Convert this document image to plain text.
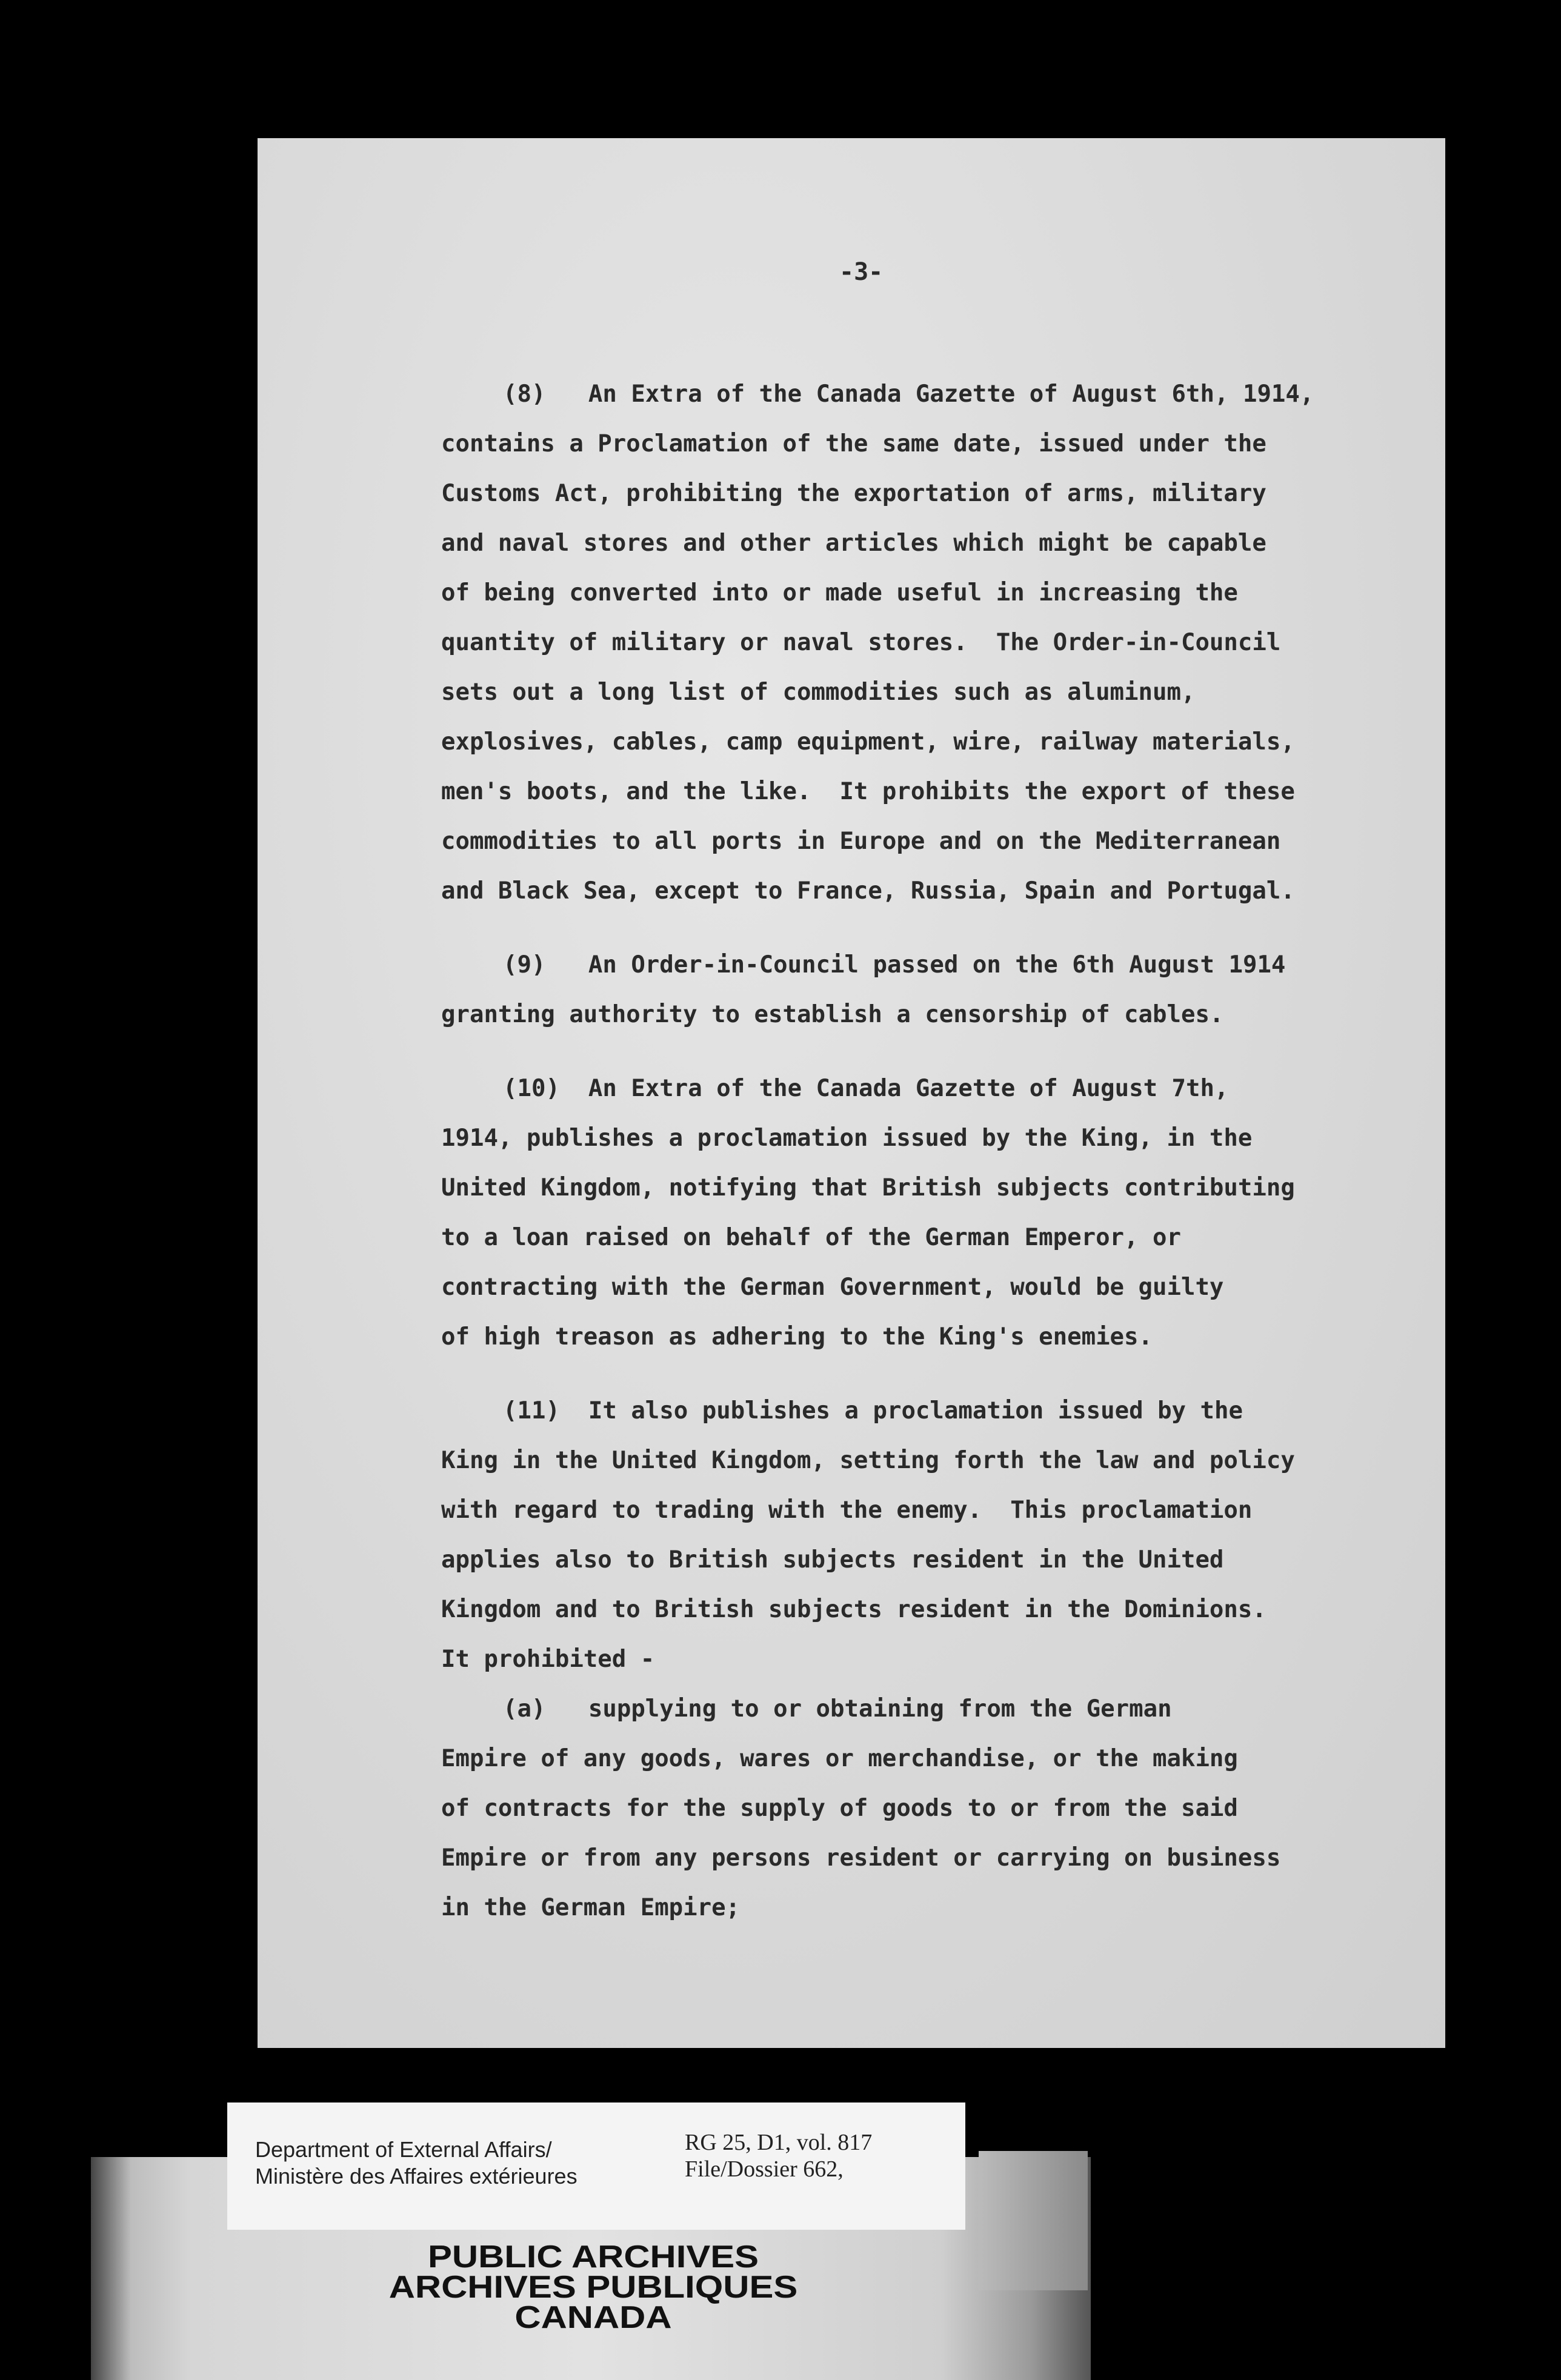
-3-
(8)   An Extra of the Canada Gazette of August 6th, 1914,
contains a Proclamation of the same date, issued under the
Customs Act, prohibiting the exportation of arms, military
and naval stores and other articles which might be capable
of being converted into or made useful in increasing the
quantity of military or naval stores.  The Order-in-Council
sets out a long list of commodities such as aluminum,
explosives, cables, camp equipment, wire, railway materials,
men's boots, and the like.  It prohibits the export of these
commodities to all ports in Europe and on the Mediterranean
and Black Sea, except to France, Russia, Spain and Portugal.
(9)   An Order-in-Council passed on the 6th August 1914
granting authority to establish a censorship of cables.
(10)  An Extra of the Canada Gazette of August 7th,
1914, publishes a proclamation issued by the King, in the
United Kingdom, notifying that British subjects contributing
to a loan raised on behalf of the German Emperor, or
contracting with the German Government, would be guilty
of high treason as adhering to the King's enemies.
(11)  It also publishes a proclamation issued by the
King in the United Kingdom, setting forth the law and policy
with regard to trading with the enemy.  This proclamation
applies also to British subjects resident in the United
Kingdom and to British subjects resident in the Dominions.
It prohibited -
(a)   supplying to or obtaining from the German
Empire of any goods, wares or merchandise, or the making
of contracts for the supply of goods to or from the said
Empire or from any persons resident or carrying on business
in the German Empire;
Department of External Affairs/
Ministère des Affaires extérieures
RG 25, D1, vol. 817
File/Dossier 662,
PUBLIC ARCHIVES
ARCHIVES PUBLIQUES
CANADA
